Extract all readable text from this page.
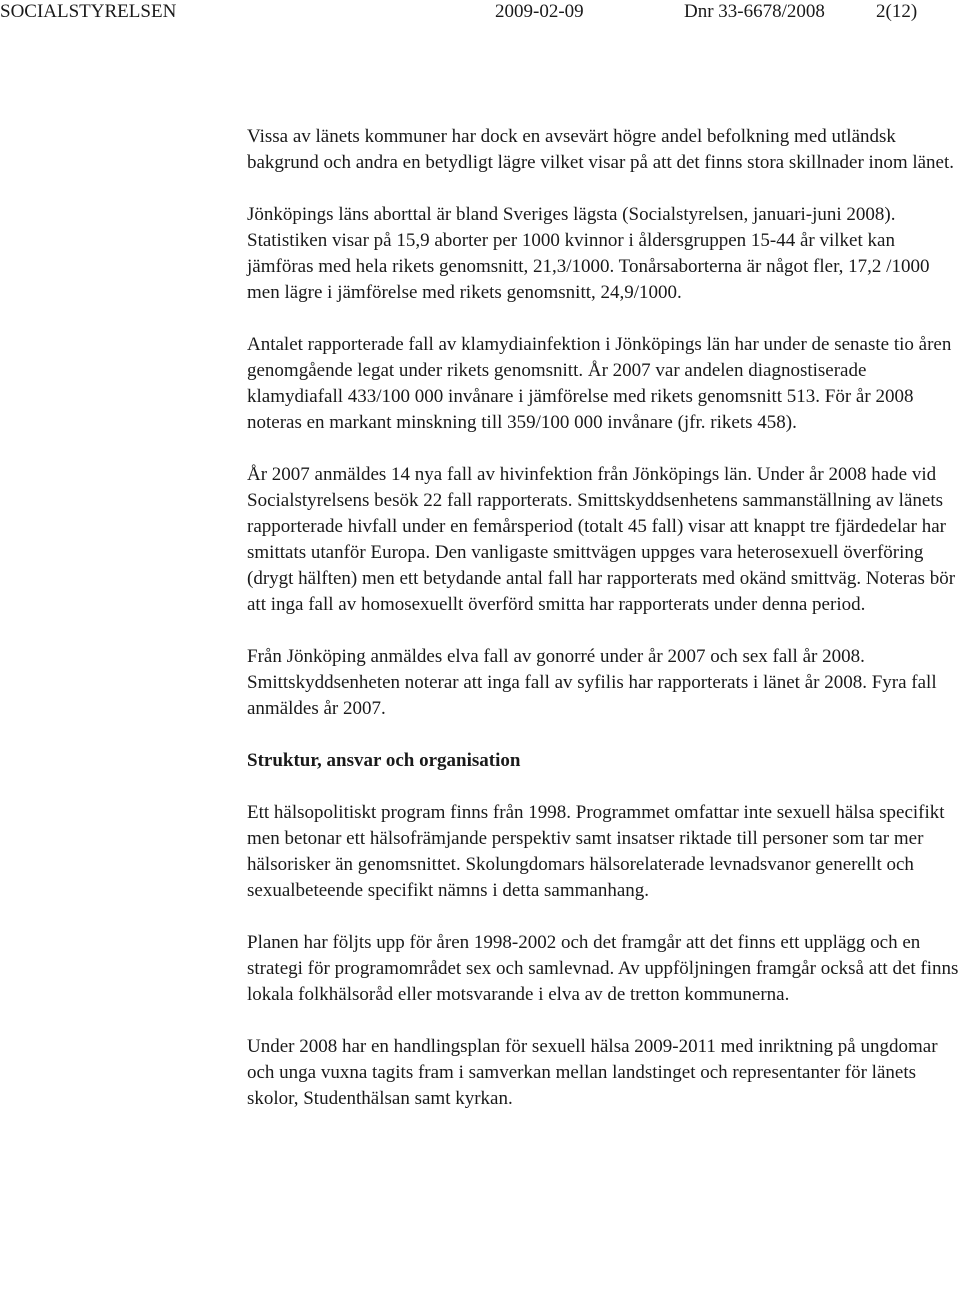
SOCIALSTYRELSEN	2009-02-09	Dnr 33-6678/2008	2(12)

Vissa av länets kommuner har dock en avsevärt högre andel befolkning med utländsk bakgrund och andra en betydligt lägre vilket visar på att det finns stora skillnader inom länet.

Jönköpings läns aborttal är bland Sveriges lägsta (Socialstyrelsen, januari-juni 2008). Statistiken visar på 15,9 aborter per 1000 kvinnor i åldersgruppen 15-44 år vilket kan jämföras med hela rikets genomsnitt, 21,3/1000. Tonårsaborterna är något fler, 17,2 /1000 men lägre i jämförelse med rikets genomsnitt, 24,9/1000.

Antalet rapporterade fall av klamydiainfektion i Jönköpings län har under de senaste tio åren genomgående legat under rikets genomsnitt. År 2007 var andelen diagnostiserade klamydiafall 433/100 000 invånare i jämförelse med rikets genomsnitt 513. För år 2008 noteras en markant minskning till 359/100 000 invånare (jfr. rikets 458).

År 2007 anmäldes 14 nya fall av hivinfektion från Jönköpings län. Under år 2008 hade vid Socialstyrelsens besök 22 fall rapporterats. Smittskyddsenhetens sammanställning av länets rapporterade hivfall under en femårsperiod (totalt 45 fall) visar att knappt tre fjärdedelar har smittats utanför Europa. Den vanligaste smittvägen uppges vara heterosexuell överföring (drygt hälften) men ett betydande antal fall har rapporterats med okänd smittväg. Noteras bör att inga fall av homosexuellt överförd smitta har rapporterats under denna period.

Från Jönköping anmäldes elva fall av gonorré under år 2007 och sex fall år 2008. Smittskyddsenheten noterar att inga fall av syfilis har rapporterats i länet år 2008. Fyra fall anmäldes år 2007.

Struktur, ansvar och organisation

Ett hälsopolitiskt program finns från 1998. Programmet omfattar inte sexuell hälsa specifikt men betonar ett hälsofrämjande perspektiv samt insatser riktade till personer som tar mer hälsorisker än genomsnittet. Skolungdomars hälsorelaterade levnadsvanor generellt och sexualbeteende specifikt nämns i detta sammanhang.

Planen har följts upp för åren 1998-2002 och det framgår att det finns ett upplägg och en strategi för programområdet sex och samlevnad. Av uppföljningen framgår också att det finns lokala folkhälsoråd eller motsvarande i elva av de tretton kommunerna.

Under 2008 har en handlingsplan för sexuell hälsa 2009-2011 med inriktning på ungdomar och unga vuxna tagits fram i samverkan mellan landstinget och representanter för länets skolor, Studenthälsan samt kyrkan.
